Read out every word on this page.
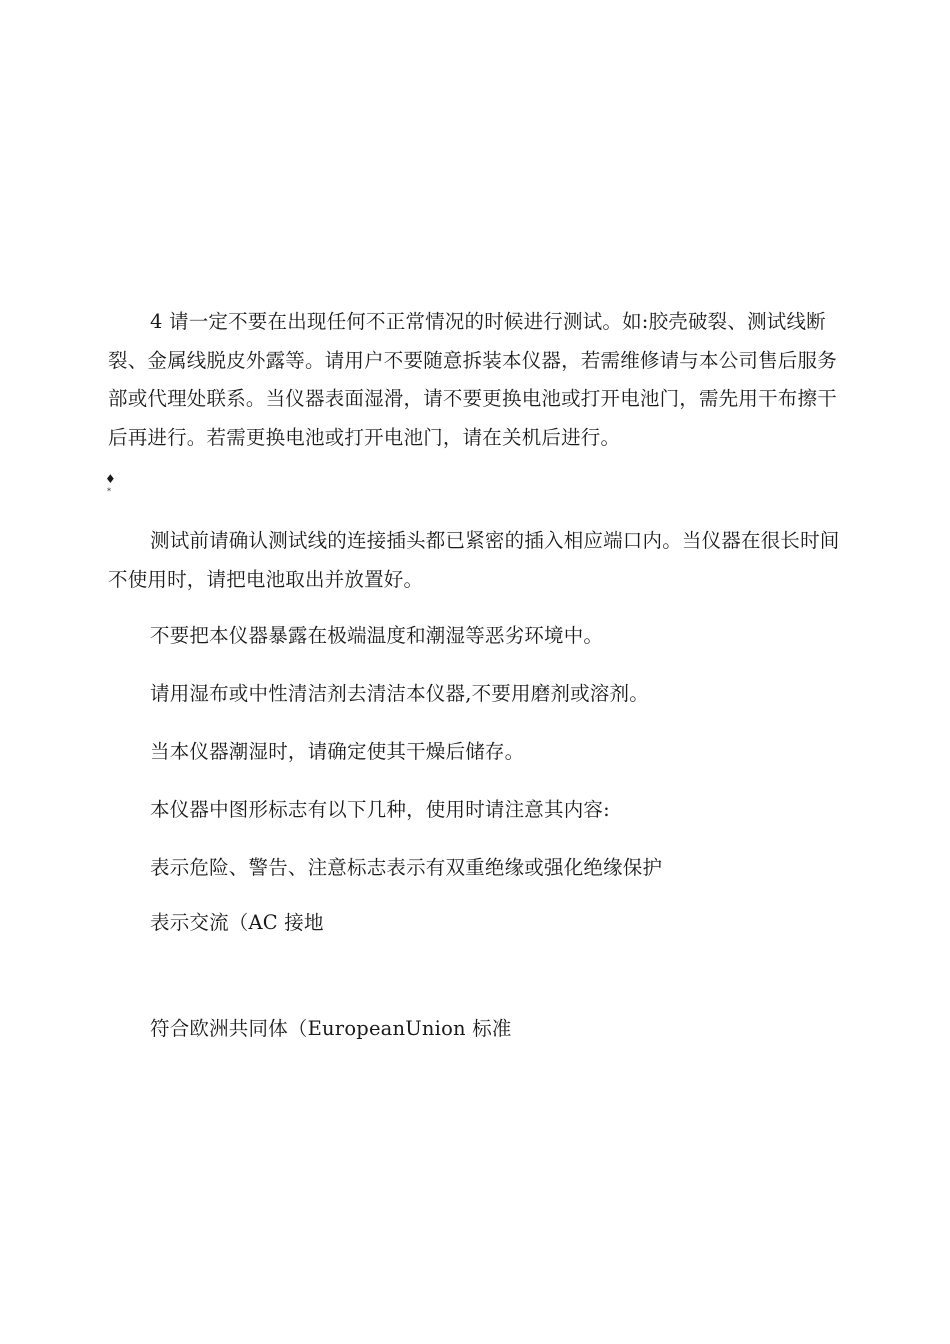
4 请一定不要在出现任何不正常情况的时候进行测试。如:胶壳破裂、测试线断裂、金属线脱皮外露等。请用户不要随意拆装本仪器，若需维修请与本公司售后服务部或代理处联系。当仪器表面湿滑，请不要更换电池或打开电池门，需先用干布擦干后再进行。若需更换电池或打开电池门，请在关机后进行。

♦
*

测试前请确认测试线的连接插头都已紧密的插入相应端口内。当仪器在很长时间不使用时，请把电池取出并放置好。

不要把本仪器暴露在极端温度和潮湿等恶劣环境中。

请用湿布或中性清洁剂去清洁本仪器,不要用磨剂或溶剂。

当本仪器潮湿时，请确定使其干燥后储存。

本仪器中图形标志有以下几种，使用时请注意其内容:

表示危险、警告、注意标志表示有双重绝缘或强化绝缘保护

表示交流（AC 接地

符合欧洲共同体（EuropeanUnion 标准
